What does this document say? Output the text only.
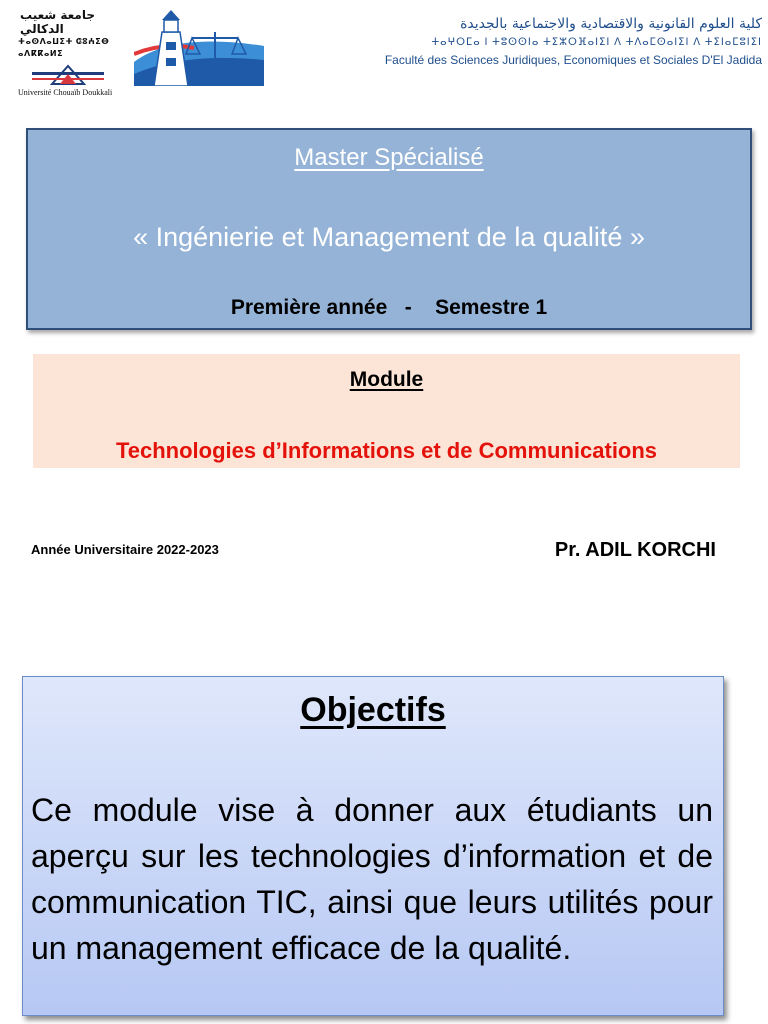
جامعة شعيب الدكالي
ⵜⴰⵙⴷⴰⵡⵉⵜ ⵛⵓⵄⵉⴱ ⴰⴷⴽⴽⴰⵍⵉ
Université Chouaïb Doukkali
كلية العلوم القانونية والاقتصادية والاجتماعية بالجديدة
ⵜⴰⵖⵔⵎⴰ ⵏ ⵜⵓⵙⵙⵏⴰ ⵜⵉⵣⵔⴼⴰⵏⵉⵏ ⴷ ⵜⴷⴰⵎⵙⴰⵏⵉⵏ ⴷ ⵜⵉⵏⴰⵎⵓⵏⵉⵏ
Faculté des Sciences Juridiques, Economiques et Sociales D'El Jadida
Master Spécialisé
« Ingénierie et Management de la qualité »
Première année   -    Semestre 1
Module
Technologies d’Informations et de Communications
Année Universitaire 2022-2023	Pr. ADIL KORCHI
Objectifs
Ce module vise à donner aux étudiants un aperçu sur les technologies d’information et de communication TIC, ainsi que leurs utilités pour un management efficace de la qualité.
